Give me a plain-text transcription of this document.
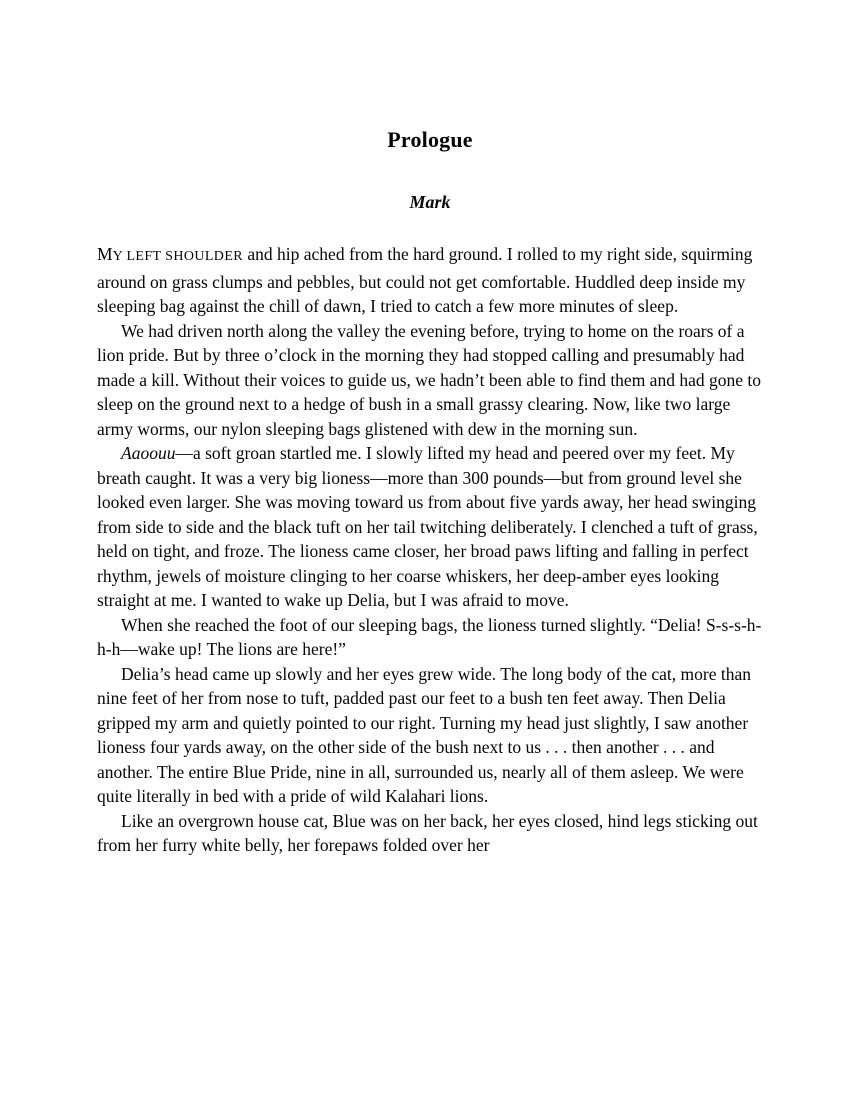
Prologue
Mark

MY LEFT SHOULDER and hip ached from the hard ground. I rolled to my right side, squirming around on grass clumps and pebbles, but could not get comfortable. Huddled deep inside my sleeping bag against the chill of dawn, I tried to catch a few more minutes of sleep.

We had driven north along the valley the evening before, trying to home on the roars of a lion pride. But by three o’clock in the morning they had stopped calling and presumably had made a kill. Without their voices to guide us, we hadn’t been able to find them and had gone to sleep on the ground next to a hedge of bush in a small grassy clearing. Now, like two large army worms, our nylon sleeping bags glistened with dew in the morning sun.

Aaoouu—a soft groan startled me. I slowly lifted my head and peered over my feet. My breath caught. It was a very big lioness—more than 300 pounds—but from ground level she looked even larger. She was moving toward us from about five yards away, her head swinging from side to side and the black tuft on her tail twitching deliberately. I clenched a tuft of grass, held on tight, and froze. The lioness came closer, her broad paws lifting and falling in perfect rhythm, jewels of moisture clinging to her coarse whiskers, her deep-amber eyes looking straight at me. I wanted to wake up Delia, but I was afraid to move.

When she reached the foot of our sleeping bags, the lioness turned slightly. “Delia! S-s-s-h-h-h—wake up! The lions are here!”

Delia’s head came up slowly and her eyes grew wide. The long body of the cat, more than nine feet of her from nose to tuft, padded past our feet to a bush ten feet away. Then Delia gripped my arm and quietly pointed to our right. Turning my head just slightly, I saw another lioness four yards away, on the other side of the bush next to us . . . then another . . . and another. The entire Blue Pride, nine in all, surrounded us, nearly all of them asleep. We were quite literally in bed with a pride of wild Kalahari lions.

Like an overgrown house cat, Blue was on her back, her eyes closed, hind legs sticking out from her furry white belly, her forepaws folded over her
